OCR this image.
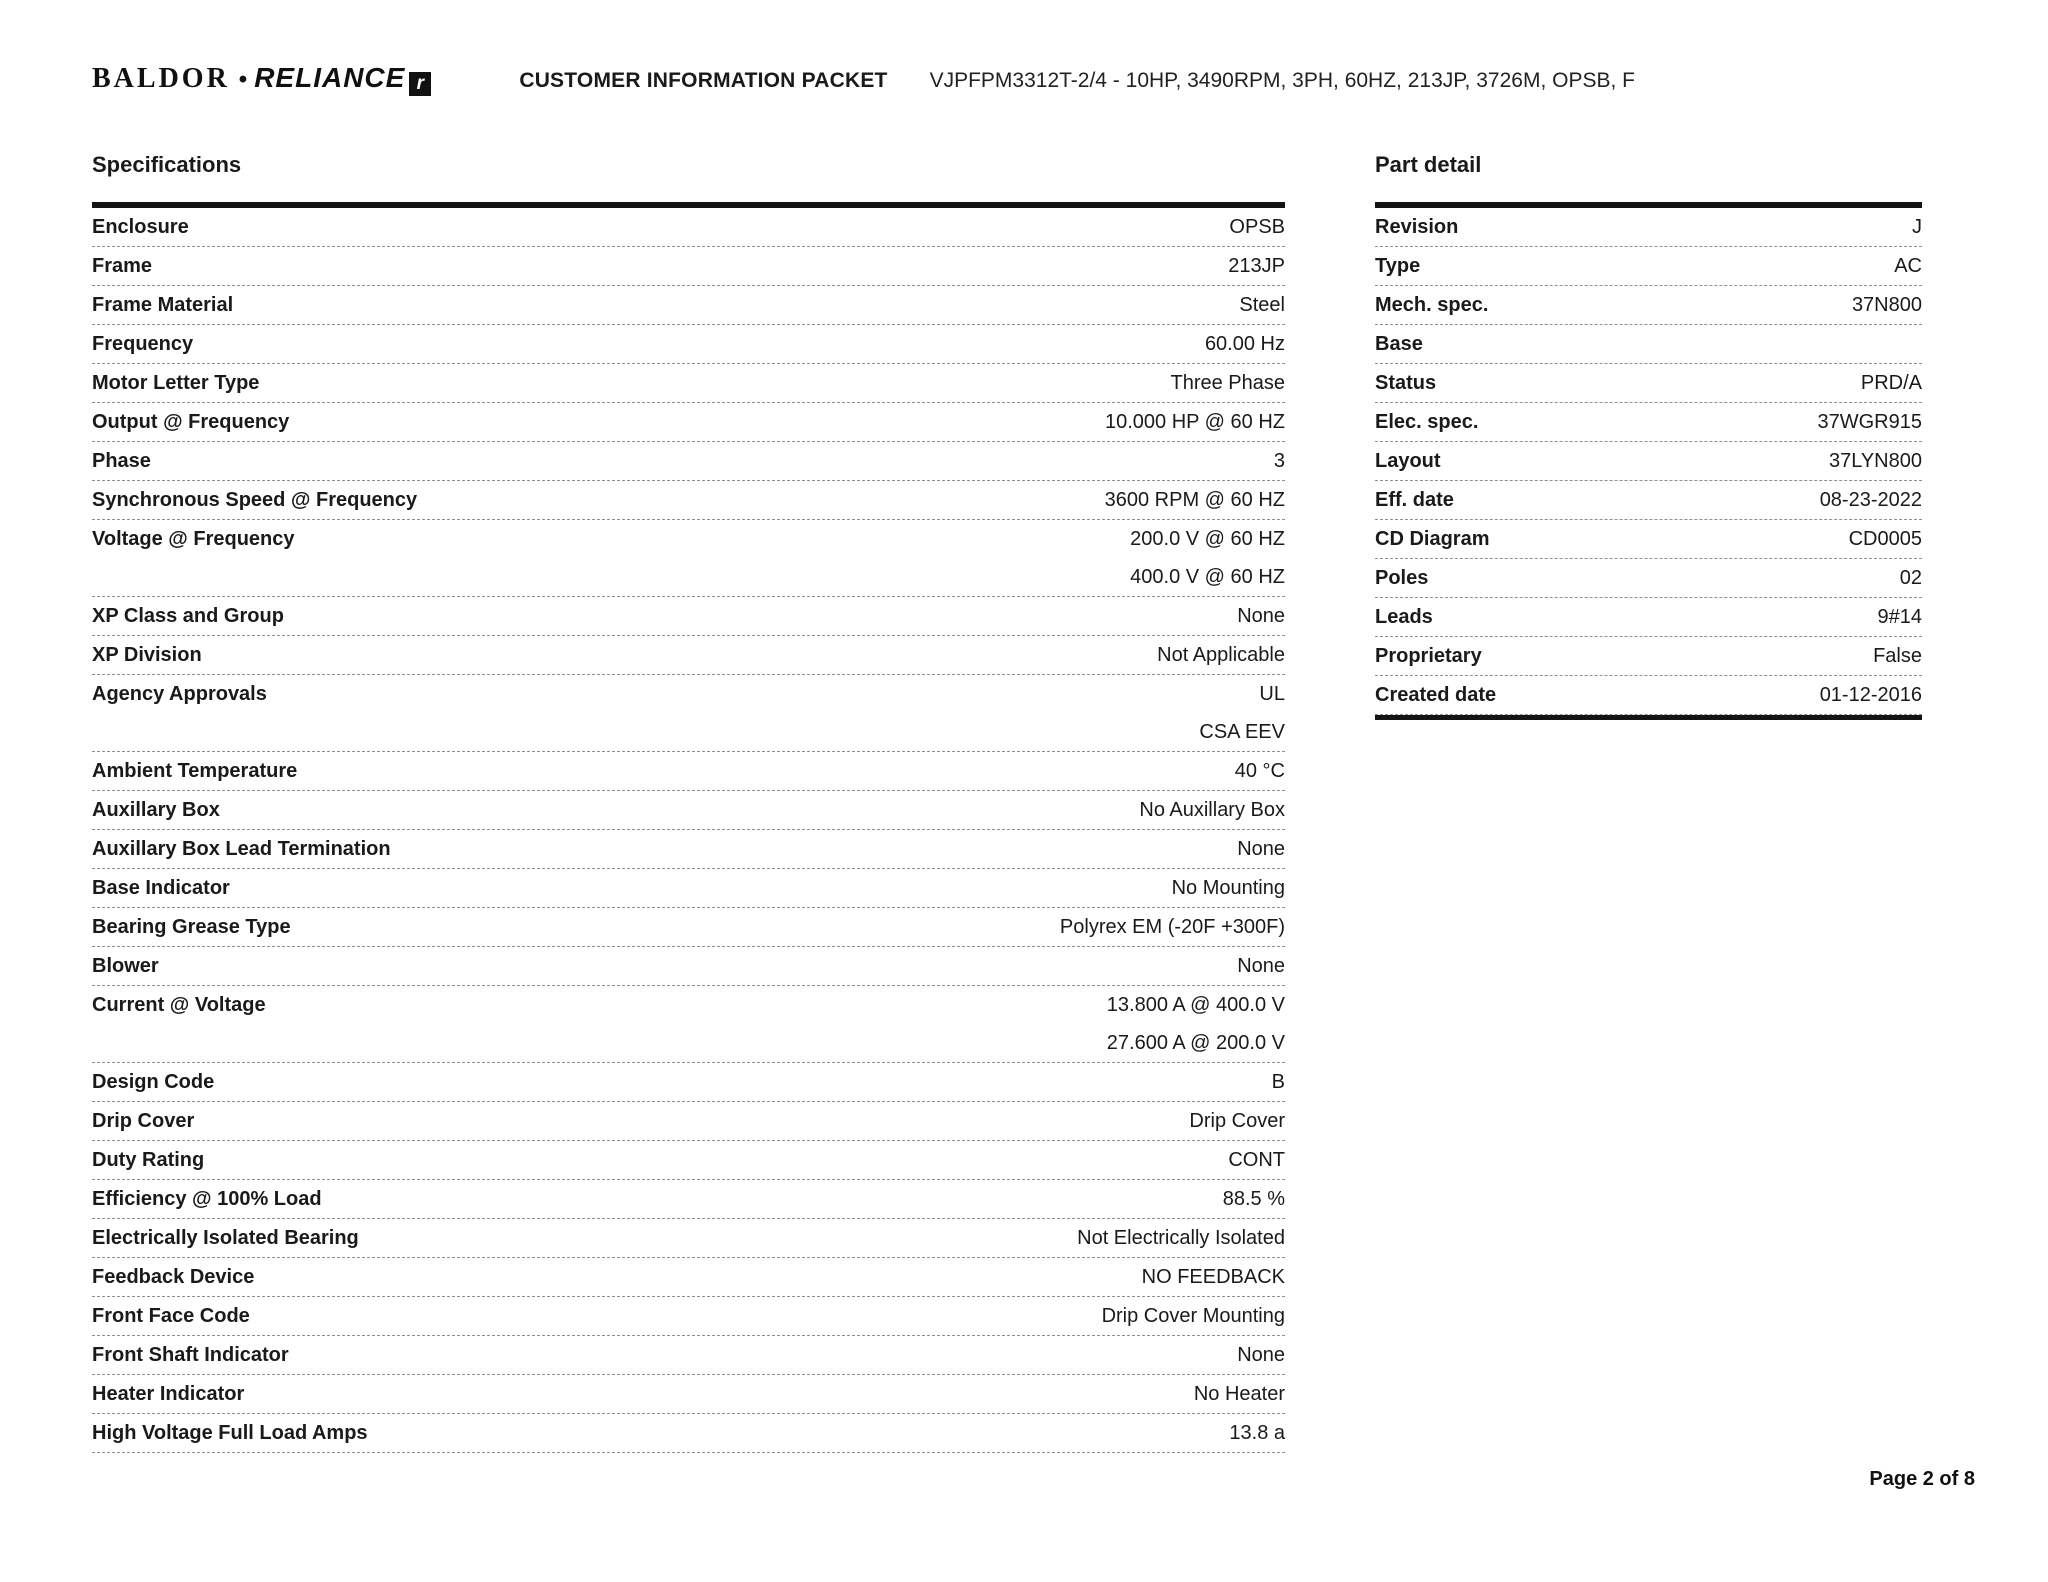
BALDOR • RELIANCE r	CUSTOMER INFORMATION PACKET VJPFPM3312T-2/4 - 10HP, 3490RPM, 3PH, 60HZ, 213JP, 3726M, OPSB, F
Specifications
Enclosure	OPSB
Frame	213JP
Frame Material	Steel
Frequency	60.00 Hz
Motor Letter Type	Three Phase
Output @ Frequency	10.000 HP @ 60 HZ
Phase	3
Synchronous Speed @ Frequency	3600 RPM @ 60 HZ
Voltage @ Frequency	200.0 V @ 60 HZ
400.0 V @ 60 HZ
XP Class and Group	None
XP Division	Not Applicable
Agency Approvals	UL
CSA EEV
Ambient Temperature	40 °C
Auxillary Box	No Auxillary Box
Auxillary Box Lead Termination	None
Base Indicator	No Mounting
Bearing Grease Type	Polyrex EM (-20F +300F)
Blower	None
Current @ Voltage	13.800 A @ 400.0 V
27.600 A @ 200.0 V
Design Code	B
Drip Cover	Drip Cover
Duty Rating	CONT
Efficiency @ 100% Load	88.5 %
Electrically Isolated Bearing	Not Electrically Isolated
Feedback Device	NO FEEDBACK
Front Face Code	Drip Cover Mounting
Front Shaft Indicator	None
Heater Indicator	No Heater
High Voltage Full Load Amps	13.8 a
Part detail
Revision	J
Type	AC
Mech. spec.	37N800
Base
Status	PRD/A
Elec. spec.	37WGR915
Layout	37LYN800
Eff. date	08-23-2022
CD Diagram	CD0005
Poles	02
Leads	9#14
Proprietary	False
Created date	01-12-2016
Page 2 of 8
